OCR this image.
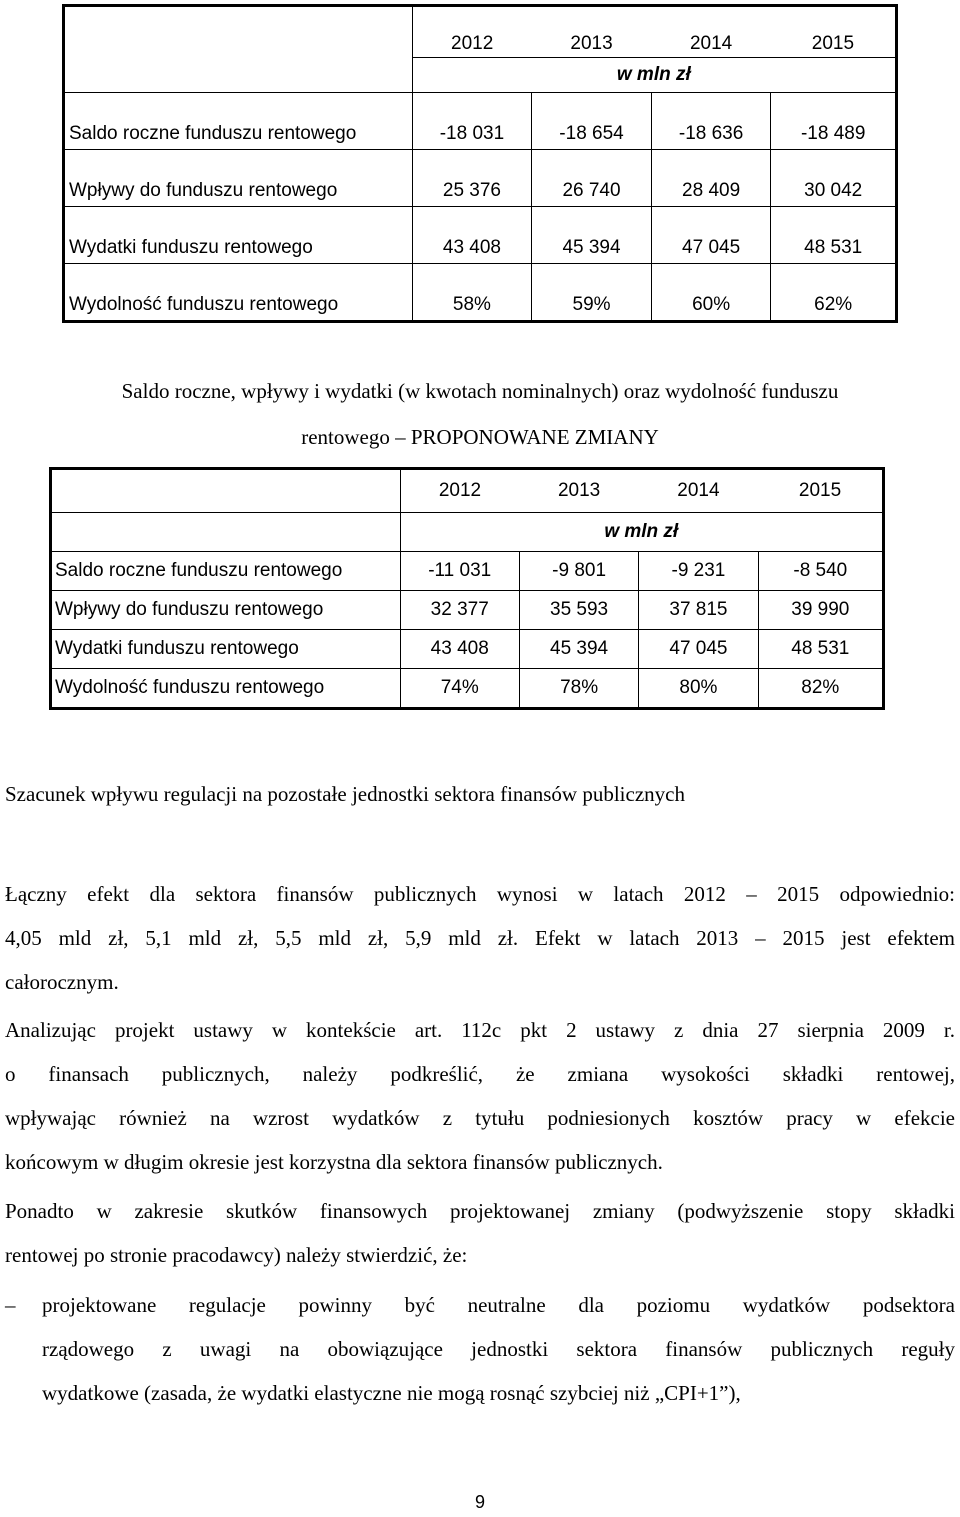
	2012	2013	2014	2015
	w mln zł			
Saldo roczne funduszu rentowego	-18 031	-18 654	-18 636	-18 489
Wpływy do funduszu rentowego	25 376	26 740	28 409	30 042
Wydatki funduszu rentowego	43 408	45 394	47 045	48 531
Wydolność funduszu rentowego	58%	59%	60%	62%
Saldo roczne, wpływy i wydatki (w kwotach nominalnych) oraz wydolność funduszu
rentowego – PROPONOWANE ZMIANY
	2012	2013	2014	2015
	w mln zł			
Saldo roczne funduszu rentowego	-11 031	-9 801	-9 231	-8 540
Wpływy do funduszu rentowego	32 377	35 593	37 815	39 990
Wydatki funduszu rentowego	43 408	45 394	47 045	48 531
Wydolność funduszu rentowego	74%	78%	80%	82%
Szacunek wpływu regulacji na pozostałe jednostki sektora finansów publicznych
Łączny efekt dla sektora finansów publicznych wynosi w latach 2012 – 2015 odpowiednio:
4,05 mld zł, 5,1 mld zł, 5,5 mld zł, 5,9 mld zł. Efekt w latach 2013 – 2015 jest efektem
całorocznym.
Analizując projekt ustawy w kontekście art. 112c pkt 2 ustawy z dnia 27 sierpnia 2009 r.
o finansach publicznych, należy podkreślić, że zmiana wysokości składki rentowej,
wpływając również na wzrost wydatków z tytułu podniesionych kosztów pracy w efekcie
końcowym w długim okresie jest korzystna dla sektora finansów publicznych.
Ponadto w zakresie skutków finansowych projektowanej zmiany (podwyższenie stopy składki
rentowej po stronie pracodawcy) należy stwierdzić, że:
–	projektowane regulacje powinny być neutralne dla poziomu wydatków podsektora
rządowego z uwagi na obowiązujące jednostki sektora finansów publicznych reguły
wydatkowe (zasada, że wydatki elastyczne nie mogą rosnąć szybciej niż „CPI+1”),
9
